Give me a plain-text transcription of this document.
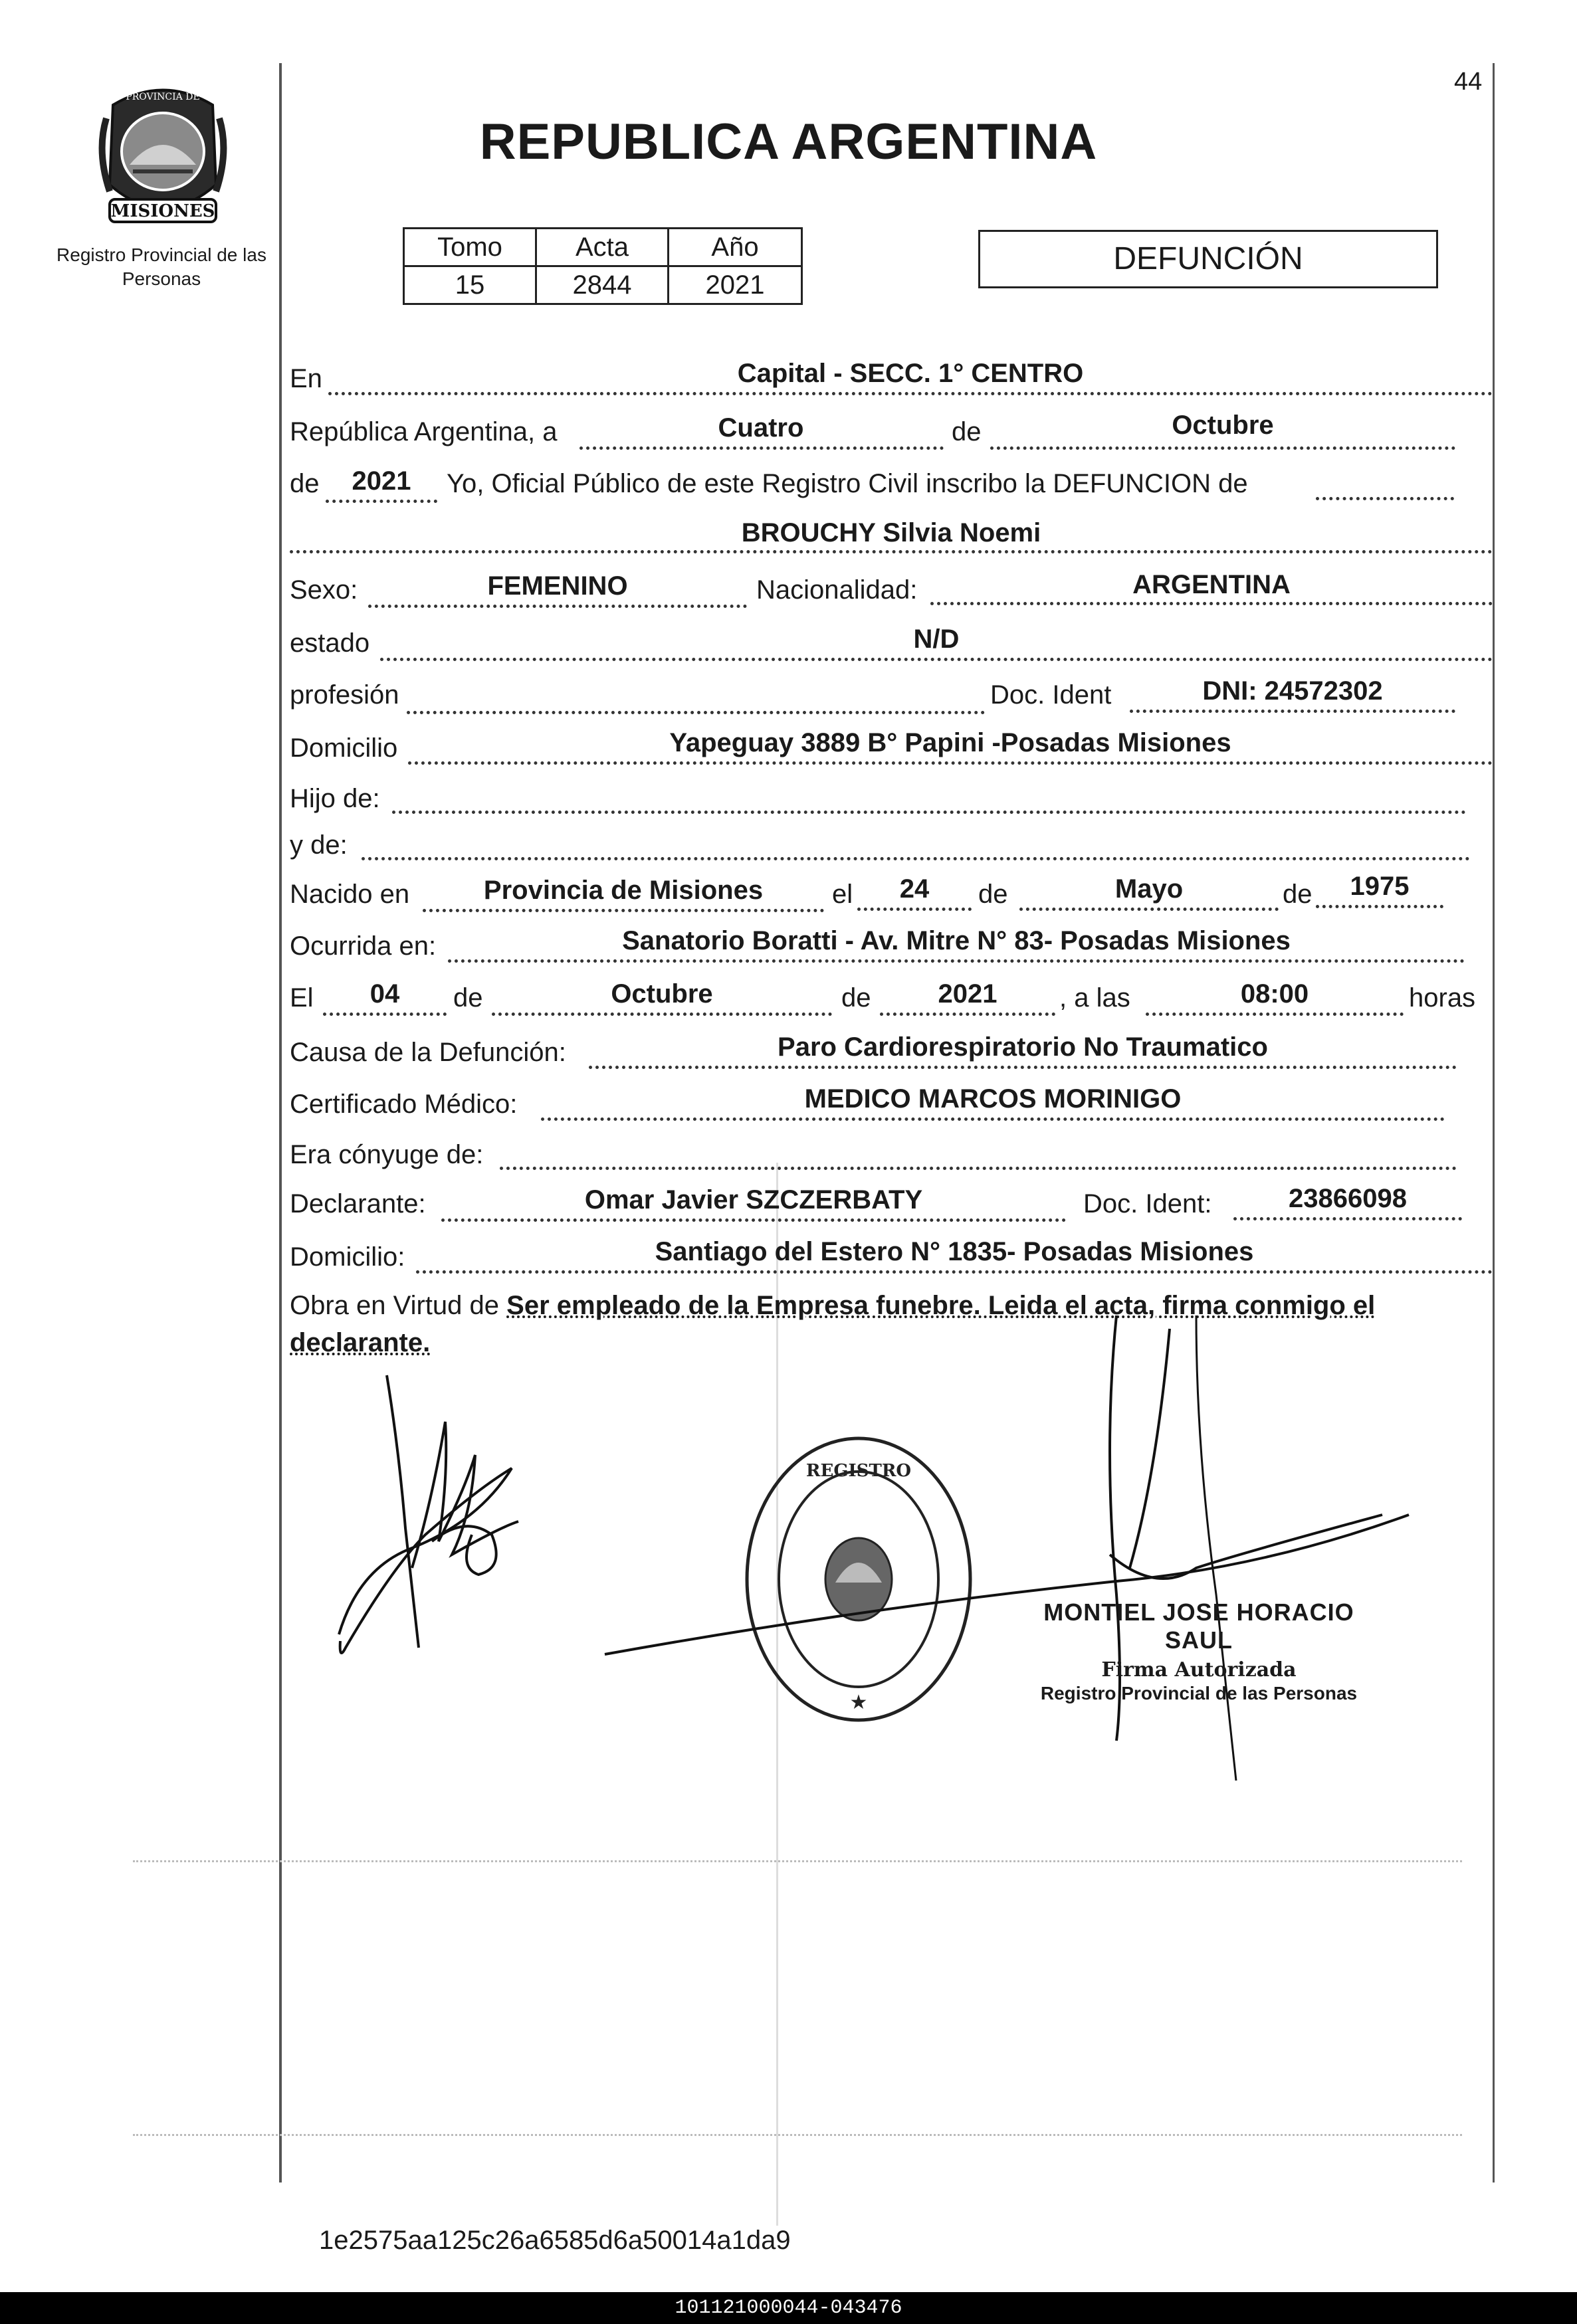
44
MISIONES
PROVINCIA DE
Registro Provincial de las Personas
REPUBLICA ARGENTINA
Tomo	Acta	Año
15	2844	2021
DEFUNCIÓN
En	Capital - SECC. 1° CENTRO
República Argentina, a	Cuatro	de	Octubre
de	2021	Yo, Oficial Público de este Registro Civil inscribo la DEFUNCION de
BROUCHY Silvia Noemi
Sexo:	FEMENINO	Nacionalidad:	ARGENTINA
estado	N/D
profesión	Doc. Ident	DNI: 24572302
Domicilio	Yapeguay 3889 B° Papini -Posadas Misiones
Hijo de:
y de:
Nacido en	Provincia de Misiones	el	24	de	Mayo	de	1975
Ocurrida en:	Sanatorio Boratti - Av. Mitre N° 83- Posadas Misiones
El	04	de	Octubre	de	2021	, a las	08:00	horas
Causa de la Defunción:	Paro Cardiorespiratorio No Traumatico
Certificado Médico:	MEDICO MARCOS MORINIGO
Era cónyuge de:
Declarante:	Omar Javier SZCZERBATY	Doc. Ident:	23866098
Domicilio:	Santiago del Estero N° 1835- Posadas Misiones
Obra en Virtud de Ser empleado de la Empresa funebre. Leida el acta, firma conmigo el declarante.
REGISTRO
★
MONTIEL JOSE HORACIO SAUL
Firma Autorizada
Registro Provincial de las Personas
1e2575aa125c26a6585d6a50014a1da9
101121000044-043476
